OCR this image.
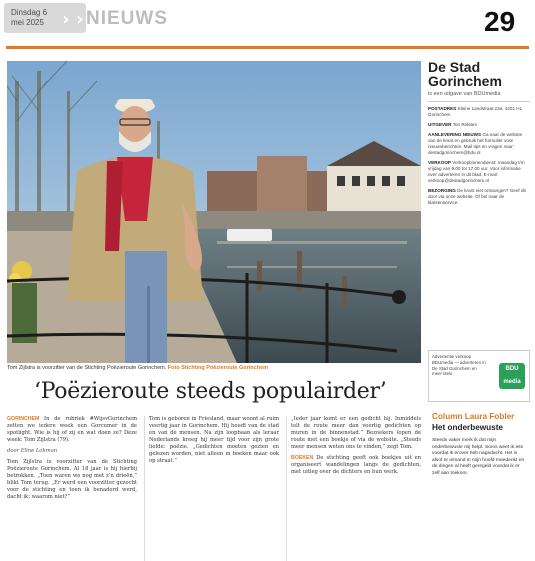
Dinsdag 6
mei 2025 › › NIEUWS	29
Tom Zijlstra is voorzitter van de Stichting Poëzieroute Gorinchem. Foto Stichting Poëzieroute Gorinchem
‘Poëzieroute steeds populairder’
GORINCHEM In de rubriek #WijsvGorinchem zetten we iedere week een Gorcumer in de spotlight. Wie is hij of zij en wat doen ze? Deze week: Tom Zijlstra (79).
door Eline Lohman
Tom Zijlstra is voorzitter van de Stichting Poëzieroute Gorinchem. Al 18 jaar is hij hierbij betrokken. „Toen waren we nog met z’n drieën,” blikt Tom terug. „Er werd een voorzitter gezocht voor de stichting en toen ik benaderd werd, dacht ik: waarom niet?”
Tom is geboren in Friesland, maar woont al ruim veertig jaar in Gorinchem. Hij houdt van de stad en van de mensen. Na zijn loopbaan als leraar Nederlands kreeg hij meer tijd voor zijn grote liefde: poëzie. „Gedichten moeten gezien en gelezen worden, niet alleen in boeken maar ook op straat.”
„Ieder jaar komt er een gedicht bij. Inmiddels telt de route meer dan veertig gedichten op muren in de binnenstad.” Bezoekers lopen de route met een boekje of via de website. „Steeds meer mensen weten ons te vinden,” zegt Tom.
BOEKEN De stichting geeft ook boekjes uit en organiseert wandelingen langs de gedichten, met uitleg over de dichters en hun werk.
De Stad
Gorinchem
is een uitgave van BDUmedia
POSTADRES Kleine Landstraat 23a, 4201 HL Gorinchem
UITGEVER Ton Reklam
AANLEVERING NIEUWS Ga naar de website van de krant en gebruik het formulier voor nieuwsberichten. Mail tips en vragen naar: destadgorinchem@bdu.nl
VERKOOP Verkoopbinnendienst: maandag t/m vrijdag van 9.00 tot 17.00 uur. Voor informatie over adverteren in dit blad. E-mail: verkoop@destadgorinchem.nl
BEZORGING De krant niet ontvangen? Geef dit door via onze website. Of bel naar de klantenservice.
Advertentie verkoop BDUmedia — adverteren in De Stad Gorinchem en meer titels
BDU media
Column Laura Fobler
Het onderbewuste
Steeds vaker merk ik dat mijn onderbewuste mij helpt. Soms weet ik iets voordat ik erover heb nagedacht. Het is alsof er iemand in mijn hoofd meedenkt en de dingen al heeft geregeld voordat ik er zelf aan toekom.
